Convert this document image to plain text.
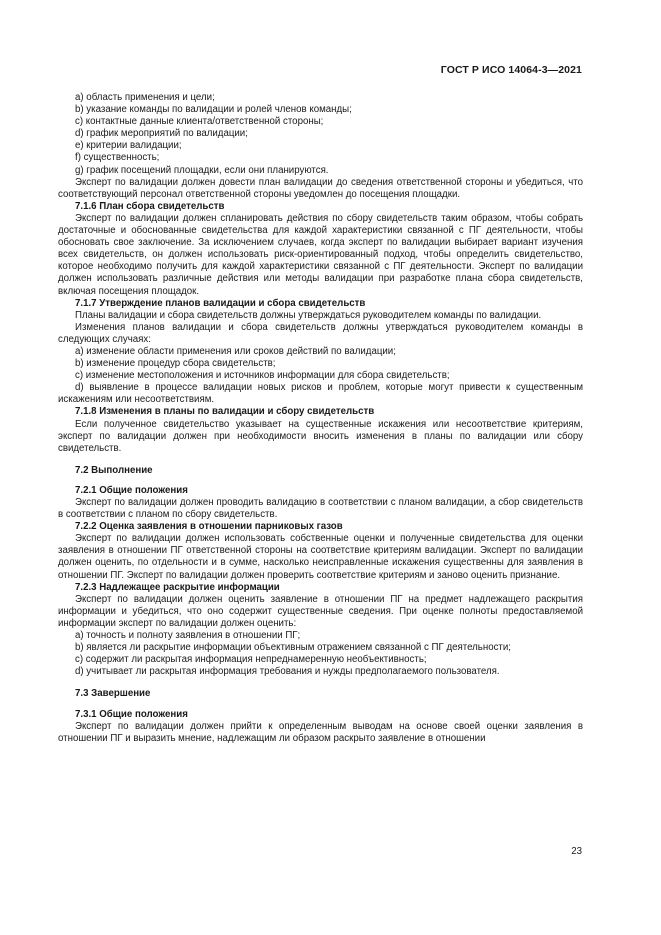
ГОСТ Р ИСО 14064-3—2021

a) область применения и цели;

b) указание команды по валидации и ролей членов команды;

c) контактные данные клиента/ответственной стороны;

d) график мероприятий по валидации;

e) критерии валидации;

f) существенность;

g) график посещений площадки, если они планируются.

Эксперт по валидации должен довести план валидации до сведения ответственной стороны и убедиться, что соответствующий персонал ответственной стороны уведомлен до посещения площадки.

7.1.6 План сбора свидетельств

Эксперт по валидации должен спланировать действия по сбору свидетельств таким образом, чтобы собрать достаточные и обоснованные свидетельства для каждой характеристики связанной с ПГ деятельности, чтобы обосновать свое заключение. За исключением случаев, когда эксперт по валидации выбирает вариант изучения всех свидетельств, он должен использовать риск-ориентированный подход, чтобы определить свидетельство, которое необходимо получить для каждой характеристики связанной с ПГ деятельности. Эксперт по валидации должен использовать различные действия или методы валидации при разработке плана сбора свидетельств, включая посещения площадок.

7.1.7 Утверждение планов валидации и сбора свидетельств

Планы валидации и сбора свидетельств должны утверждаться руководителем команды по валидации.

Изменения планов валидации и сбора свидетельств должны утверждаться руководителем команды в следующих случаях:

a) изменение области применения или сроков действий по валидации;

b) изменение процедур сбора свидетельств;

c) изменение местоположения и источников информации для сбора свидетельств;

d) выявление в процессе валидации новых рисков и проблем, которые могут привести к существенным искажениям или несоответствиям.

7.1.8 Изменения в планы по валидации и сбору свидетельств

Если полученное свидетельство указывает на существенные искажения или несоответствие критериям, эксперт по валидации должен при необходимости вносить изменения в планы по валидации или сбору свидетельств.

7.2 Выполнение

7.2.1 Общие положения

Эксперт по валидации должен проводить валидацию в соответствии с планом валидации, а сбор свидетельств в соответствии с планом по сбору свидетельств.

7.2.2 Оценка заявления в отношении парниковых газов

Эксперт по валидации должен использовать собственные оценки и полученные свидетельства для оценки заявления в отношении ПГ ответственной стороны на соответствие критериям валидации. Эксперт по валидации должен оценить, по отдельности и в сумме, насколько неисправленные искажения существенны для заявления в отношении ПГ. Эксперт по валидации должен проверить соответствие критериям и заново оценить признание.

7.2.3 Надлежащее раскрытие информации

Эксперт по валидации должен оценить заявление в отношении ПГ на предмет надлежащего раскрытия информации и убедиться, что оно содержит существенные сведения. При оценке полноты предоставляемой информации эксперт по валидации должен оценить:

a) точность и полноту заявления в отношении ПГ;

b) является ли раскрытие информации объективным отражением связанной с ПГ деятельности;

c) содержит ли раскрытая информация непреднамеренную необъективность;

d) учитывает ли раскрытая информация требования и нужды предполагаемого пользователя.

7.3 Завершение

7.3.1 Общие положения

Эксперт по валидации должен прийти к определенным выводам на основе своей оценки заявления в отношении ПГ и выразить мнение, надлежащим ли образом раскрыто заявление в отношении

23
